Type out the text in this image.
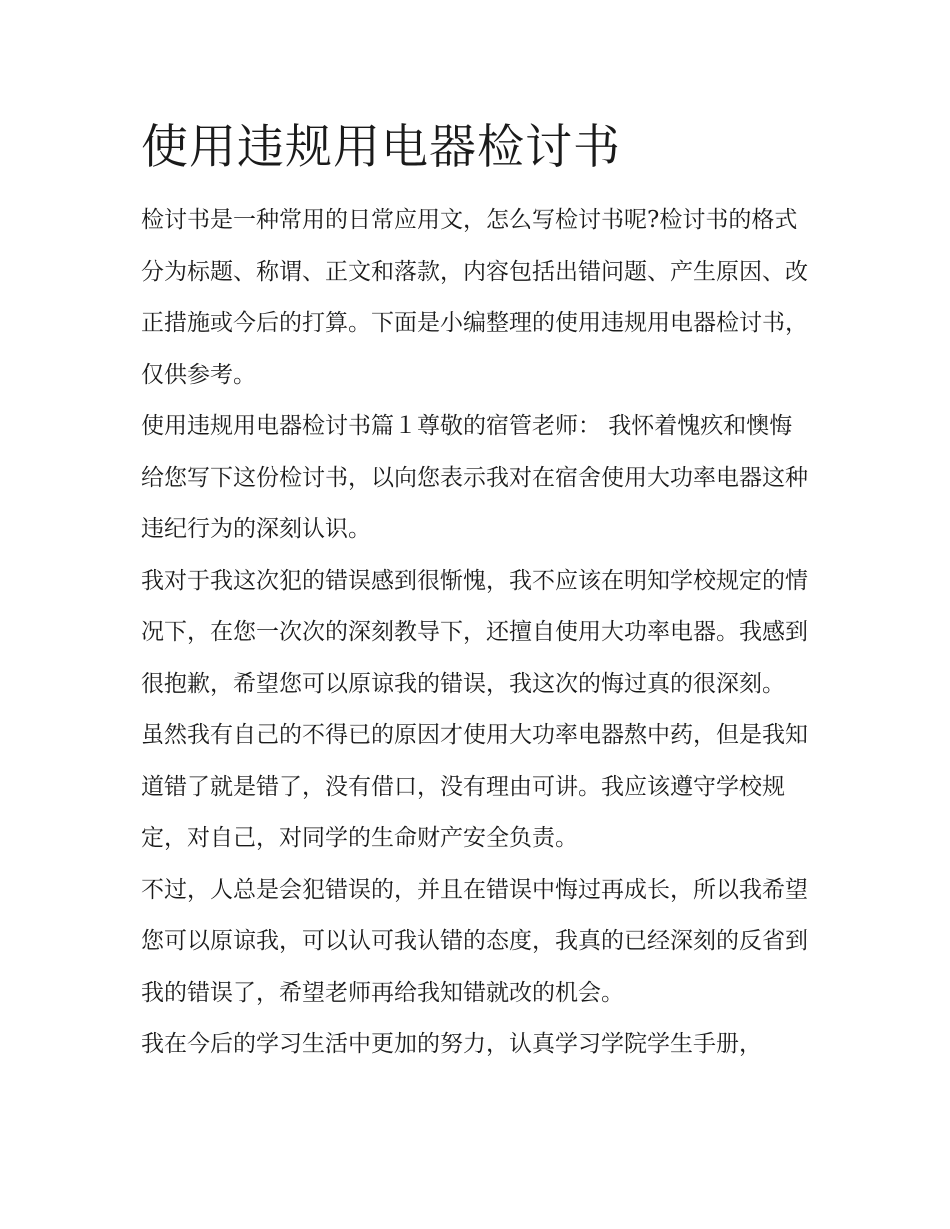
使用违规用电器检讨书

检讨书是一种常用的日常应用文，怎么写检讨书呢?检讨书的格式分为标题、称谓、正文和落款，内容包括出错问题、产生原因、改正措施或今后的打算。下面是小编整理的使用违规用电器检讨书，仅供参考。

使用违规用电器检讨书篇１尊敬的宿管老师： 我怀着愧疚和懊悔给您写下这份检讨书，以向您表示我对在宿舍使用大功率电器这种违纪行为的深刻认识。

我对于我这次犯的错误感到很惭愧，我不应该在明知学校规定的情况下，在您一次次的深刻教导下，还擅自使用大功率电器。我感到很抱歉，希望您可以原谅我的错误，我这次的悔过真的很深刻。

虽然我有自己的不得已的原因才使用大功率电器熬中药，但是我知道错了就是错了，没有借口，没有理由可讲。我应该遵守学校规定，对自己，对同学的生命财产安全负责。

不过，人总是会犯错误的，并且在错误中悔过再成长，所以我希望您可以原谅我，可以认可我认错的态度，我真的已经深刻的反省到我的错误了，希望老师再给我知错就改的机会。

我在今后的学习生活中更加的努力，认真学习学院学生手册，
